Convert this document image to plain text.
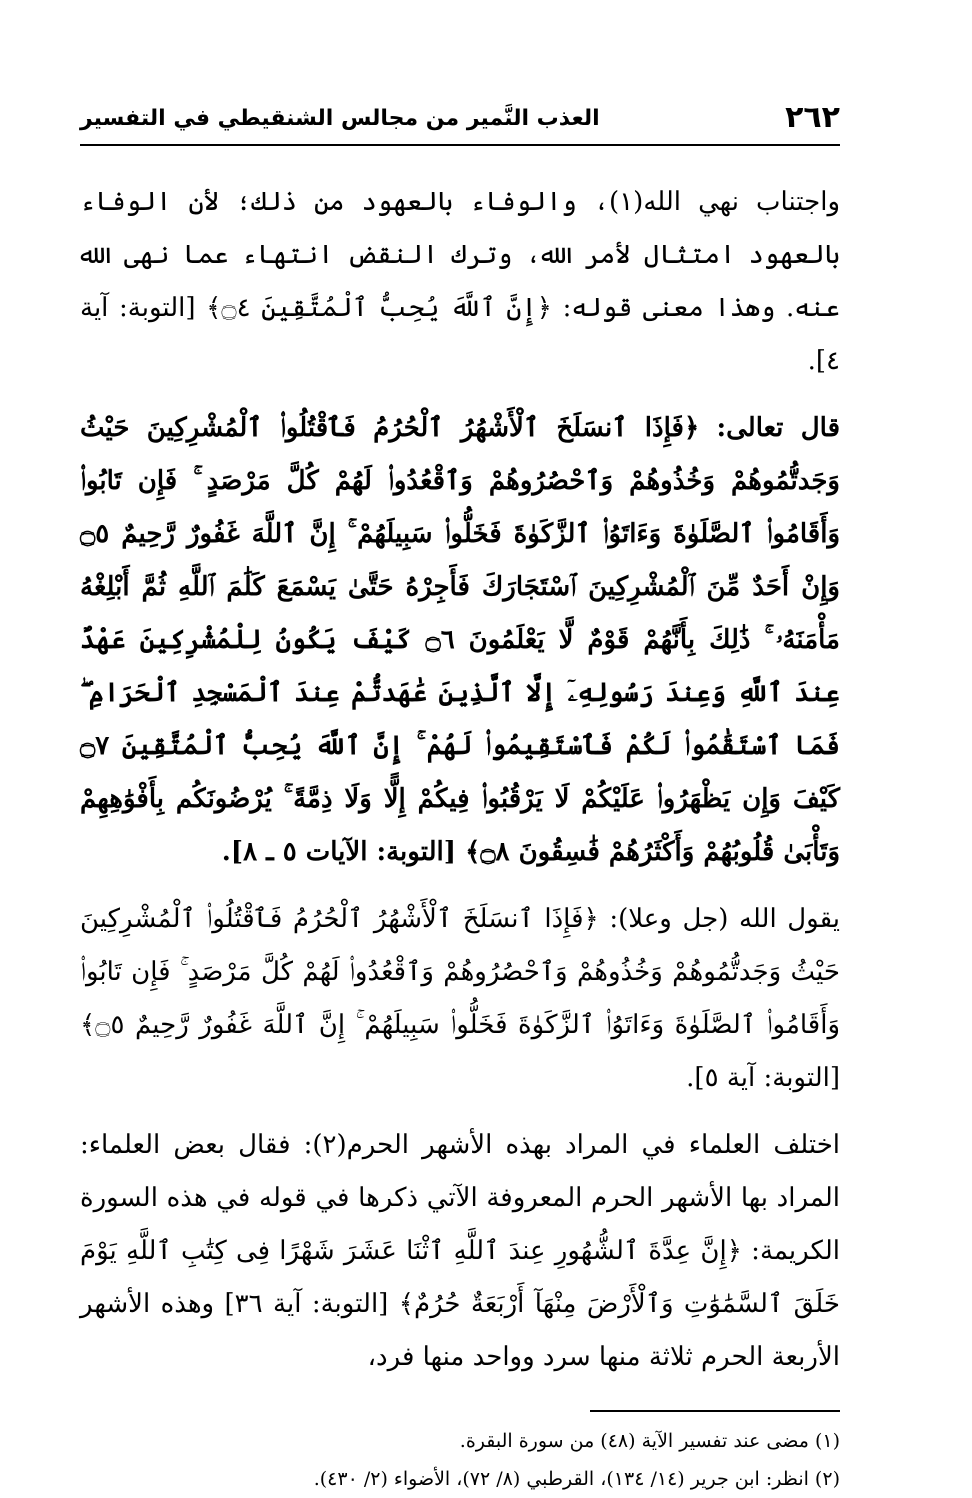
٢٦٢
العذب النَّمير من مجالس الشنقيطي في التفسير

واجتناب نهي الله(١)، والوفاء بالعهود من ذلك؛ لأن الوفاء بالعهود امتثال لأمر الله، وترك النقض انتهاء عما نهى الله عنه. وهذا معنى قوله: ﴿إِنَّ ٱللَّهَ يُحِبُّ ٱلْمُتَّقِينَ ۝٤﴾ [التوبة: آية ٤].

قال تعالى: ﴿فَإِذَا ٱنسَلَخَ ٱلْأَشْهُرُ ٱلْحُرُمُ فَٱقْتُلُوا۟ ٱلْمُشْرِكِينَ حَيْثُ وَجَدتُّمُوهُمْ وَخُذُوهُمْ وَٱحْصُرُوهُمْ وَٱقْعُدُوا۟ لَهُمْ كُلَّ مَرْصَدٍ ۚ فَإِن تَابُوا۟ وَأَقَامُوا۟ ٱلصَّلَوٰةَ وَءَاتَوُا۟ ٱلزَّكَوٰةَ فَخَلُّوا۟ سَبِيلَهُمْ ۚ إِنَّ ٱللَّهَ غَفُورٌ رَّحِيمٌ ۝٥ وَإِنْ أَحَدٌ مِّنَ ٱلْمُشْرِكِينَ ٱسْتَجَارَكَ فَأَجِرْهُ حَتَّىٰ يَسْمَعَ كَلَٰمَ ٱللَّهِ ثُمَّ أَبْلِغْهُ مَأْمَنَهُۥ ۚ ذَٰلِكَ بِأَنَّهُمْ قَوْمٌ لَّا يَعْلَمُونَ ۝٦ كَيْفَ يَكُونُ لِلْمُشْرِكِينَ عَهْدٌ عِندَ ٱللَّهِ وَعِندَ رَسُولِهِۦٓ إِلَّا ٱلَّذِينَ عَٰهَدتُّمْ عِندَ ٱلْمَسْجِدِ ٱلْحَرَامِ ۖ فَمَا ٱسْتَقَٰمُوا۟ لَكُمْ فَٱسْتَقِيمُوا۟ لَهُمْ ۚ إِنَّ ٱللَّهَ يُحِبُّ ٱلْمُتَّقِينَ ۝٧ كَيْفَ وَإِن يَظْهَرُوا۟ عَلَيْكُمْ لَا يَرْقُبُوا۟ فِيكُمْ إِلًّا وَلَا ذِمَّةً ۚ يُرْضُونَكُم بِأَفْوَٰهِهِمْ وَتَأْبَىٰ قُلُوبُهُمْ وَأَكْثَرُهُمْ فَٰسِقُونَ ۝٨﴾ [التوبة: الآيات ٥ ـ ٨].

يقول الله (جل وعلا): ﴿فَإِذَا ٱنسَلَخَ ٱلْأَشْهُرُ ٱلْحُرُمُ فَٱقْتُلُوا۟ ٱلْمُشْرِكِينَ حَيْثُ وَجَدتُّمُوهُمْ وَخُذُوهُمْ وَٱحْصُرُوهُمْ وَٱقْعُدُوا۟ لَهُمْ كُلَّ مَرْصَدٍ ۚ فَإِن تَابُوا۟ وَأَقَامُوا۟ ٱلصَّلَوٰةَ وَءَاتَوُا۟ ٱلزَّكَوٰةَ فَخَلُّوا۟ سَبِيلَهُمْ ۚ إِنَّ ٱللَّهَ غَفُورٌ رَّحِيمٌ ۝٥﴾ [التوبة: آية ٥].

اختلف العلماء في المراد بهذه الأشهر الحرم(٢): فقال بعض العلماء: المراد بها الأشهر الحرم المعروفة الآتي ذكرها في قوله في هذه السورة الكريمة: ﴿إِنَّ عِدَّةَ ٱلشُّهُورِ عِندَ ٱللَّهِ ٱثْنَا عَشَرَ شَهْرًا فِى كِتَٰبِ ٱللَّهِ يَوْمَ خَلَقَ ٱلسَّمَٰوَٰتِ وَٱلْأَرْضَ مِنْهَآ أَرْبَعَةٌ حُرُمٌ﴾ [التوبة: آية ٣٦] وهذه الأشهر الأربعة الحرم ثلاثة منها سرد وواحد منها فرد،

(١) مضى عند تفسير الآية (٤٨) من سورة البقرة.

(٢) انظر: ابن جرير (١٤/ ١٣٤)، القرطبي (٨/ ٧٢)، الأضواء (٢/ ٤٣٠).
